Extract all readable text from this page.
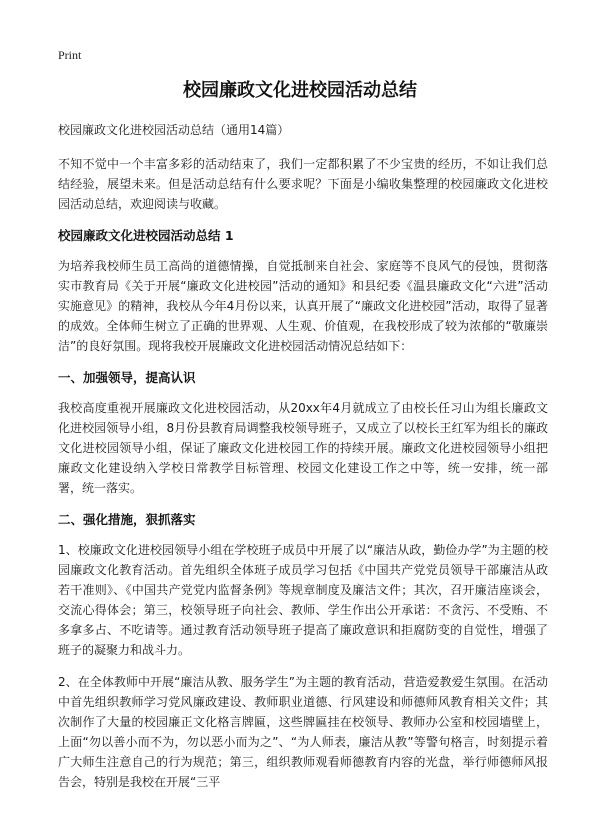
Print
校园廉政文化进校园活动总结

校园廉政文化进校园活动总结（通用14篇）

不知不觉中一个丰富多彩的活动结束了，我们一定都积累了不少宝贵的经历，不如让我们总结经验，展望未来。但是活动总结有什么要求呢？下面是小编收集整理的校园廉政文化进校园活动总结，欢迎阅读与收藏。

校园廉政文化进校园活动总结 1

为培养我校师生员工高尚的道德情操，自觉抵制来自社会、家庭等不良风气的侵蚀，贯彻落实市教育局《关于开展“廉政文化进校园”活动的通知》和县纪委《温县廉政文化“六进”活动实施意见》的精神，我校从今年4月份以来，认真开展了“廉政文化进校园”活动，取得了显著的成效。全体师生树立了正确的世界观、人生观、价值观，在我校形成了较为浓郁的“敬廉崇洁”的良好氛围。现将我校开展廉政文化进校园活动情况总结如下：

一、加强领导，提高认识

我校高度重视开展廉政文化进校园活动，从20xx年4月就成立了由校长任习山为组长廉政文化进校园领导小组，8月份县教育局调整我校领导班子，又成立了以校长王红军为组长的廉政文化进校园领导小组，保证了廉政文化进校园工作的持续开展。廉政文化进校园领导小组把廉政文化建设纳入学校日常教学目标管理、校园文化建设工作之中等，统一安排，统一部署，统一落实。

二、强化措施，狠抓落实

1、校廉政文化进校园领导小组在学校班子成员中开展了以“廉洁从政，勤俭办学”为主题的校园廉政文化教育活动。首先组织全体班子成员学习包括《中国共产党党员领导干部廉洁从政若干准则》、《中国共产党党内监督条例》等规章制度及廉洁文件；其次，召开廉洁座谈会，交流心得体会；第三，校领导班子向社会、教师、学生作出公开承诺：不贪污、不受贿、不多拿多占、不吃请等。通过教育活动领导班子提高了廉政意识和拒腐防变的自觉性，增强了班子的凝聚力和战斗力。

2、在全体教师中开展“廉洁从教、服务学生”为主题的教育活动，营造爱教爱生氛围。在活动中首先组织教师学习党风廉政建设、教师职业道德、行风建设和师德师风教育相关文件；其次制作了大量的校园廉正文化格言牌匾，这些牌匾挂在校领导、教师办公室和校园墙壁上，上面“勿以善小而不为，勿以恶小而为之”、“为人师表，廉洁从教”等警句格言，时刻提示着广大师生注意自己的行为规范；第三，组织教师观看师德教育内容的光盘，举行师德师风报告会，特别是我校在开展“三平
